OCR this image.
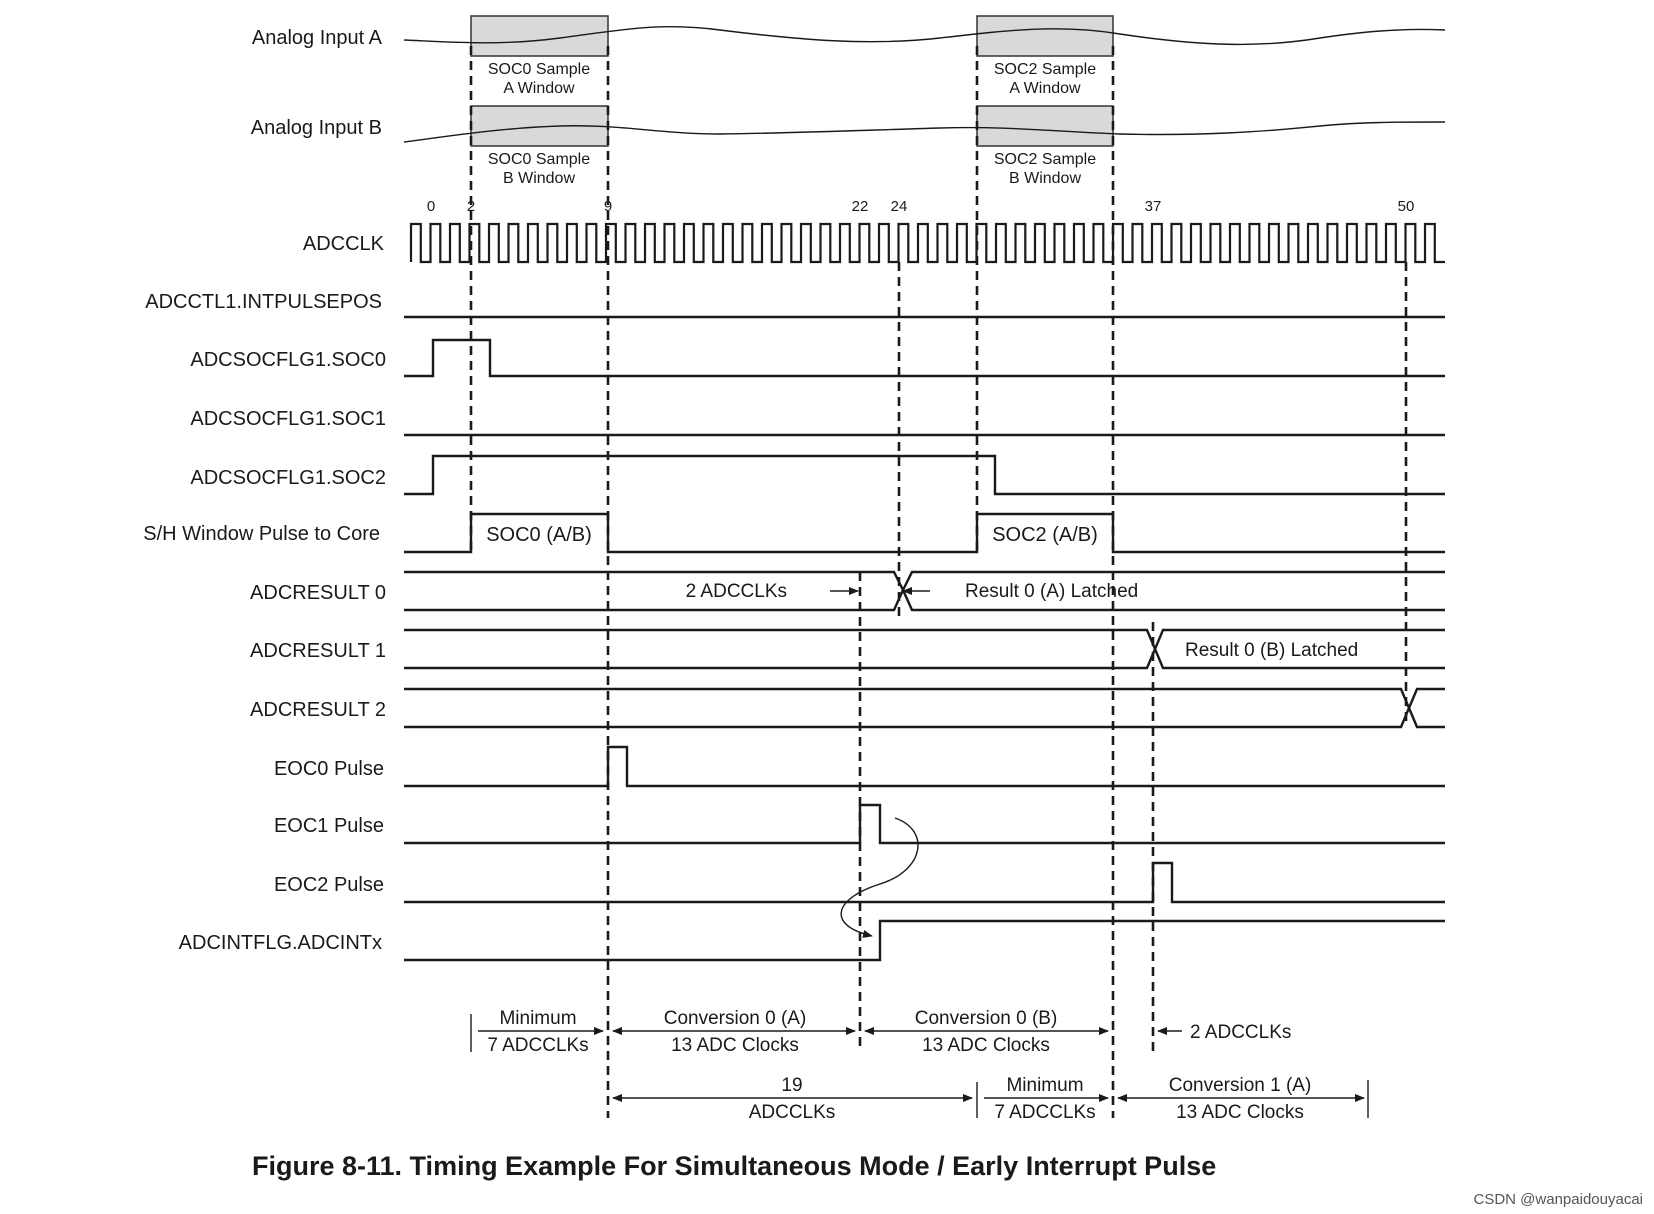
Analog Input A
Analog Input B
ADCCLK
ADCCTL1.INTPULSEPOS
ADCSOCFLG1.SOC0
ADCSOCFLG1.SOC1
ADCSOCFLG1.SOC2
S/H Window Pulse to Core
ADCRESULT 0
ADCRESULT 1
ADCRESULT 2
EOC0 Pulse
EOC1 Pulse
EOC2 Pulse
ADCINTFLG.ADCINTx
0 2	9	22 24	37	50
SOC0 Sample
A Window
SOC0 Sample
B Window
SOC2 Sample
A Window
SOC2 Sample
B Window
SOC0 (A/B)	SOC2 (A/B)
2 ADCCLKs	Result 0 (A) Latched
Result 0 (B) Latched
Minimum
7 ADCCLKs
Conversion 0 (A)
13 ADC Clocks
Conversion 0 (B)
13 ADC Clocks
2 ADCCLKs
19
ADCCLKs
Minimum
7 ADCCLKs
Conversion 1 (A)
13 ADC Clocks
Figure 8-11. Timing Example For Simultaneous Mode / Early Interrupt Pulse
CSDN @wanpaidouyacai
